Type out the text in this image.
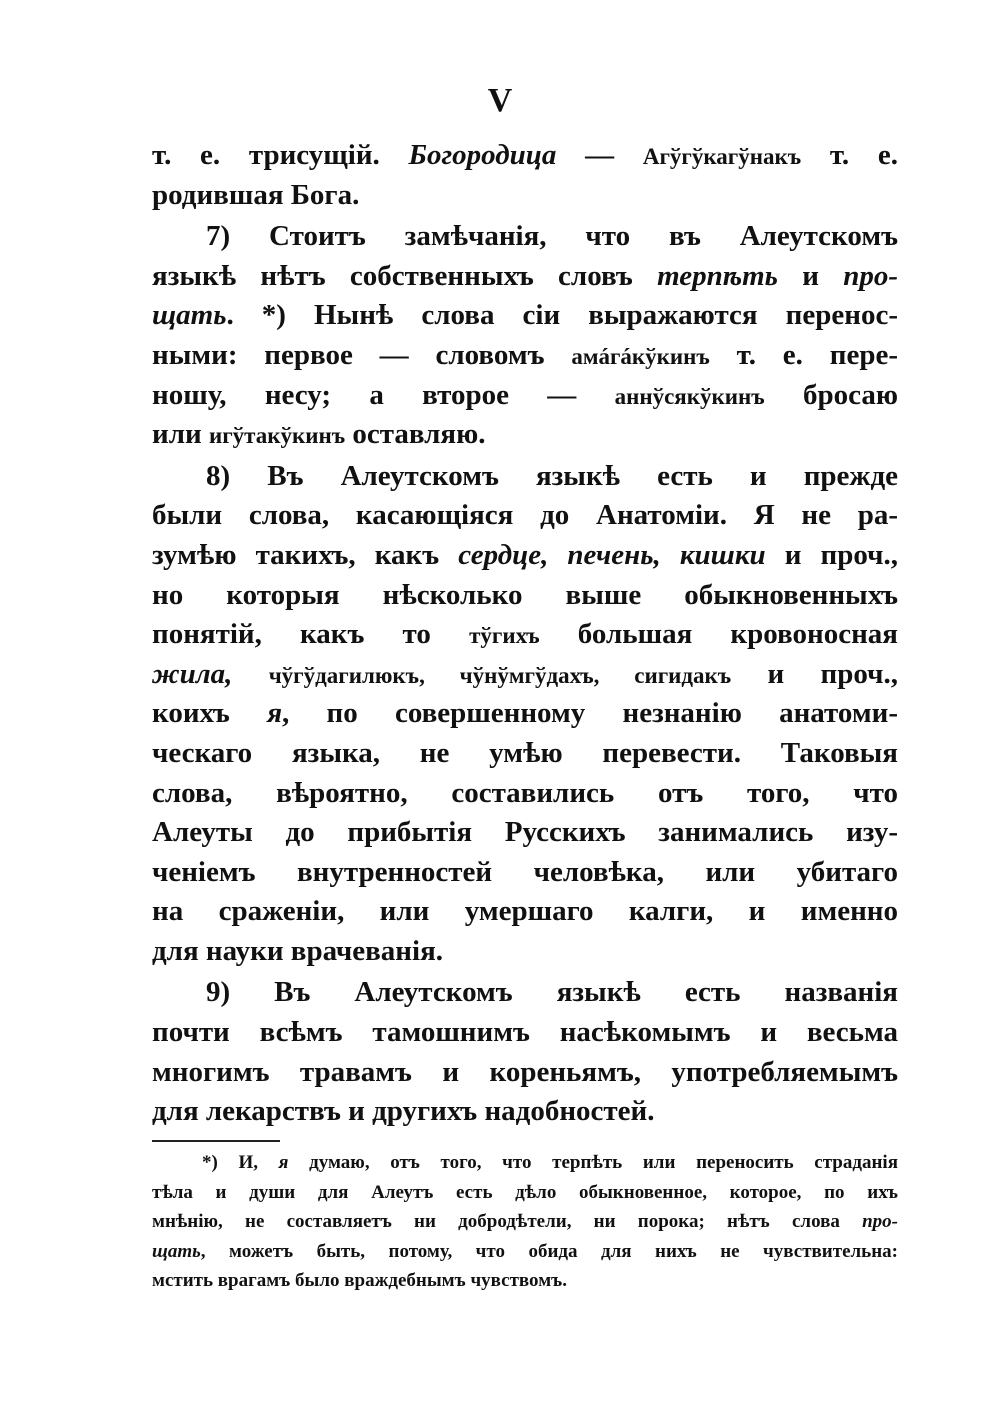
V
т. е. трисущій. Богородица — Агўгўкагўнакъ т. е.
родившая Бога.
7) Стоитъ замѣчанія, что въ Алеутскомъ
языкѣ нѣтъ собственныхъ словъ терпѣть и про-
щать. *) Нынѣ слова сіи выражаются перенос-
ными: первое — словомъ амáгáкўкинъ т. е. пере-
ношу, несу; а второе — аннўсякўкинъ бросаю
или игўтакўкинъ оставляю.
8) Въ Алеутскомъ языкѣ есть и прежде
были слова, касающіяся до Анатоміи. Я не ра-
зумѣю такихъ, какъ сердце, печень, кишки и проч.,
но которыя нѣсколько выше обыкновенныхъ
понятій, какъ то тўгихъ большая кровоносная
жила, чўгўдагилюкъ, чўнўмгўдахъ, сигидакъ и проч.,
коихъ я, по совершенному незнанію анатоми-
ческаго языка, не умѣю перевести. Таковыя
слова, вѣроятно, составились отъ того, что
Алеуты до прибытія Русскихъ занимались изу-
ченіемъ внутренностей человѣка, или убитаго
на сраженіи, или умершаго калги, и именно
для науки врачеванія.
9) Въ Алеутскомъ языкѣ есть названія
почти всѣмъ тамошнимъ насѣкомымъ и весьма
многимъ травамъ и кореньямъ, употребляемымъ
для лекарствъ и другихъ надобностей.
*) И, я думаю, отъ того, что терпѣть или переносить страданія
тѣла и души для Алеутъ есть дѣло обыкновенное, которое, по ихъ
мнѣнію, не составляетъ ни добродѣтели, ни порока; нѣтъ слова про-
щать, можетъ быть, потому, что обида для нихъ не чувствительна:
мстить врагамъ было враждебнымъ чувствомъ.
